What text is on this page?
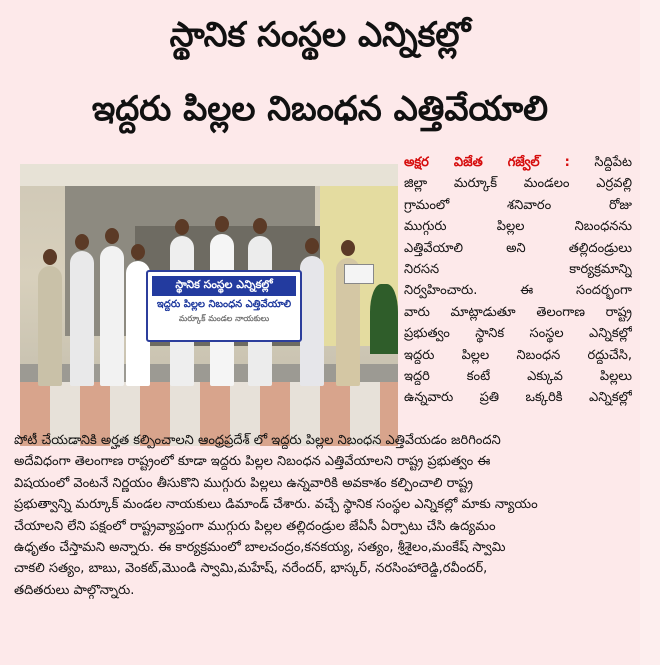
స్థానిక సంస్థల ఎన్నికల్లో
ఇద్దరు పిల్లల నిబంధన ఎత్తివేయాలి
స్థానిక సంస్థల ఎన్నికల్లో
ఇద్దరు పిల్లల నిబంధన ఎత్తివేయాలి
మర్కూక్ మండల నాయకులు
అక్షర విజేత గజ్వేల్ : సిద్దిపేట
జిల్లా మర్కూక్ మండలం ఎర్రవల్లి
గ్రామంలో శనివారం రోజు
ముగ్గురు పిల్లల నిబంధనను
ఎత్తివేయాలి అని తల్లిదండ్రులు
నిరసన కార్యక్రమాన్ని
నిర్వహించారు. ఈ సందర్భంగా
వారు మాట్లాడుతూ తెలంగాణ రాష్ట్ర
ప్రభుత్వం స్థానిక సంస్థల ఎన్నికల్లో
ఇద్దరు పిల్లల నిబంధన రద్దుచేసి,
ఇద్దరి కంటే ఎక్కువ పిల్లలు
ఉన్నవారు ప్రతి ఒక్కరికి ఎన్నికల్లో
పోటీ చేయడానికి అర్హత కల్పించాలని ఆంధ్రప్రదేశ్ లో ఇద్దరు పిల్లల నిబంధన ఎత్తివేయడం జరిగిందని
అదేవిధంగా తెలంగాణ రాష్ట్రంలో కూడా ఇద్దరు పిల్లల నిబంధన ఎత్తివేయాలని రాష్ట్ర ప్రభుత్వం ఈ
విషయంలో వెంటనే నిర్ణయం తీసుకొని ముగ్గురు పిల్లలు ఉన్నవారికి అవకాశం కల్పించాలి రాష్ట్ర
ప్రభుత్వాన్ని మర్కూక్ మండల నాయకులు డిమాండ్ చేశారు. వచ్చే స్థానిక సంస్థల ఎన్నికల్లో మాకు న్యాయం
చేయాలని లేని పక్షంలో రాష్ట్రవ్యాప్తంగా ముగ్గురు పిల్లల తల్లిదండ్రుల జేఏసీ ఏర్పాటు చేసి ఉద్యమం
ఉధృతం చేస్తామని అన్నారు. ఈ కార్యక్రమంలో బాలచంద్రం,కనకయ్య, సత్యం, శ్రీశైలం,మంకేష్ స్వామి
చాకలి సత్యం, బాబు, వెంకట్,మొండి స్వామి,మహేష్, నరేందర్, భాస్కర్, నరసింహారెడ్డి,రవీందర్,
తదితరులు పాల్గొన్నారు.
